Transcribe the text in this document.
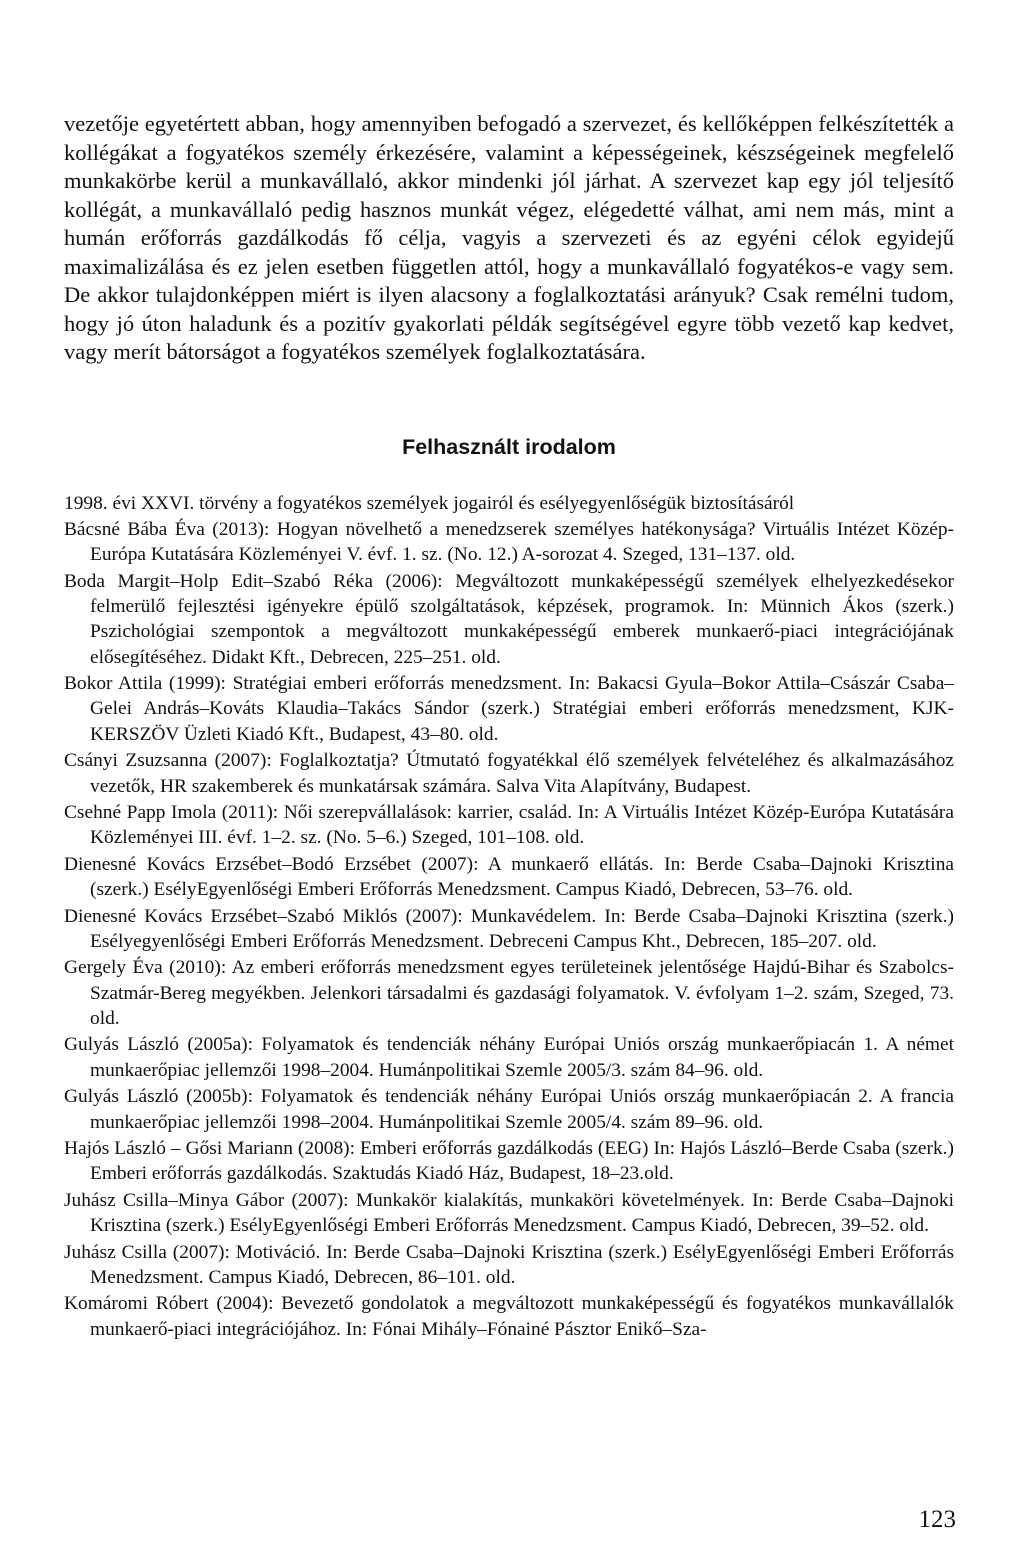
vezetője egyetértett abban, hogy amennyiben befogadó a szervezet, és kellőképpen felkészítették a kollégákat a fogyatékos személy érkezésére, valamint a képességeinek, készségeinek megfelelő munkakörbe kerül a munkavállaló, akkor mindenki jól járhat. A szervezet kap egy jól teljesítő kollégát, a munkavállaló pedig hasznos munkát végez, elégedetté válhat, ami nem más, mint a humán erőforrás gazdálkodás fő célja, vagyis a szervezeti és az egyéni célok egyidejű maximalizálása és ez jelen esetben független attól, hogy a munkavállaló fogyatékos-e vagy sem. De akkor tulajdonképpen miért is ilyen alacsony a foglalkoztatási arányuk? Csak remélni tudom, hogy jó úton haladunk és a pozitív gyakorlati példák segítségével egyre több vezető kap kedvet, vagy merít bátorságot a fogyatékos személyek foglalkoztatására.

Felhasznált irodalom
1998. évi XXVI. törvény a fogyatékos személyek jogairól és esélyegyenlőségük biztosításáról
Bácsné Bába Éva (2013): Hogyan növelhető a menedzserek személyes hatékonysága? Virtuális Intézet Közép-Európa Kutatására Közleményei V. évf. 1. sz. (No. 12.) A-sorozat 4. Szeged, 131–137. old.
Boda Margit–Holp Edit–Szabó Réka (2006): Megváltozott munkaképességű személyek elhelyezkedésekor felmerülő fejlesztési igényekre épülő szolgáltatások, képzések, programok. In: Münnich Ákos (szerk.) Pszichológiai szempontok a megváltozott munkaképességű emberek munkaerő-piaci integrációjának elősegítéséhez. Didakt Kft., Debrecen, 225–251. old.
Bokor Attila (1999): Stratégiai emberi erőforrás menedzsment. In: Bakacsi Gyula–Bokor Attila–Császár Csaba–Gelei András–Kováts Klaudia–Takács Sándor (szerk.) Stratégiai emberi erőforrás menedzsment, KJK-KERSZÖV Üzleti Kiadó Kft., Budapest, 43–80. old.
Csányi Zsuzsanna (2007): Foglalkoztatja? Útmutató fogyatékkal élő személyek felvételéhez és alkalmazásához vezetők, HR szakemberek és munkatársak számára. Salva Vita Alapítvány, Budapest.
Csehné Papp Imola (2011): Női szerepvállalások: karrier, család. In: A Virtuális Intézet Közép-Európa Kutatására Közleményei III. évf. 1–2. sz. (No. 5–6.) Szeged, 101–108. old.
Dienesné Kovács Erzsébet–Bodó Erzsébet (2007): A munkaerő ellátás. In: Berde Csaba–Dajnoki Krisztina (szerk.) EsélyEgyenlőségi Emberi Erőforrás Menedzsment. Campus Kiadó, Debrecen, 53–76. old.
Dienesné Kovács Erzsébet–Szabó Miklós (2007): Munkavédelem. In: Berde Csaba–Dajnoki Krisztina (szerk.) Esélyegyenlőségi Emberi Erőforrás Menedzsment. Debreceni Campus Kht., Debrecen, 185–207. old.
Gergely Éva (2010): Az emberi erőforrás menedzsment egyes területeinek jelentősége Hajdú-Bihar és Szabolcs-Szatmár-Bereg megyékben. Jelenkori társadalmi és gazdasági folyamatok. V. évfolyam 1–2. szám, Szeged, 73. old.
Gulyás László (2005a): Folyamatok és tendenciák néhány Európai Uniós ország munkaerőpiacán 1. A német munkaerőpiac jellemzői 1998–2004. Humánpolitikai Szemle 2005/3. szám 84–96. old.
Gulyás László (2005b): Folyamatok és tendenciák néhány Európai Uniós ország munkaerőpiacán 2. A francia munkaerőpiac jellemzői 1998–2004. Humánpolitikai Szemle 2005/4. szám 89–96. old.
Hajós László – Gősi Mariann (2008): Emberi erőforrás gazdálkodás (EEG) In: Hajós László–Berde Csaba (szerk.) Emberi erőforrás gazdálkodás. Szaktudás Kiadó Ház, Budapest, 18–23.old.
Juhász Csilla–Minya Gábor (2007): Munkakör kialakítás, munkaköri követelmények. In: Berde Csaba–Dajnoki Krisztina (szerk.) EsélyEgyenlőségi Emberi Erőforrás Menedzsment. Campus Kiadó, Debrecen, 39–52. old.
Juhász Csilla (2007): Motiváció. In: Berde Csaba–Dajnoki Krisztina (szerk.) EsélyEgyenlőségi Emberi Erőforrás Menedzsment. Campus Kiadó, Debrecen, 86–101. old.
Komáromi Róbert (2004): Bevezető gondolatok a megváltozott munkaképességű és fogyatékos munkavállalók munkaerő-piaci integrációjához. In: Fónai Mihály–Fónainé Pásztor Enikő–Sza-
123
